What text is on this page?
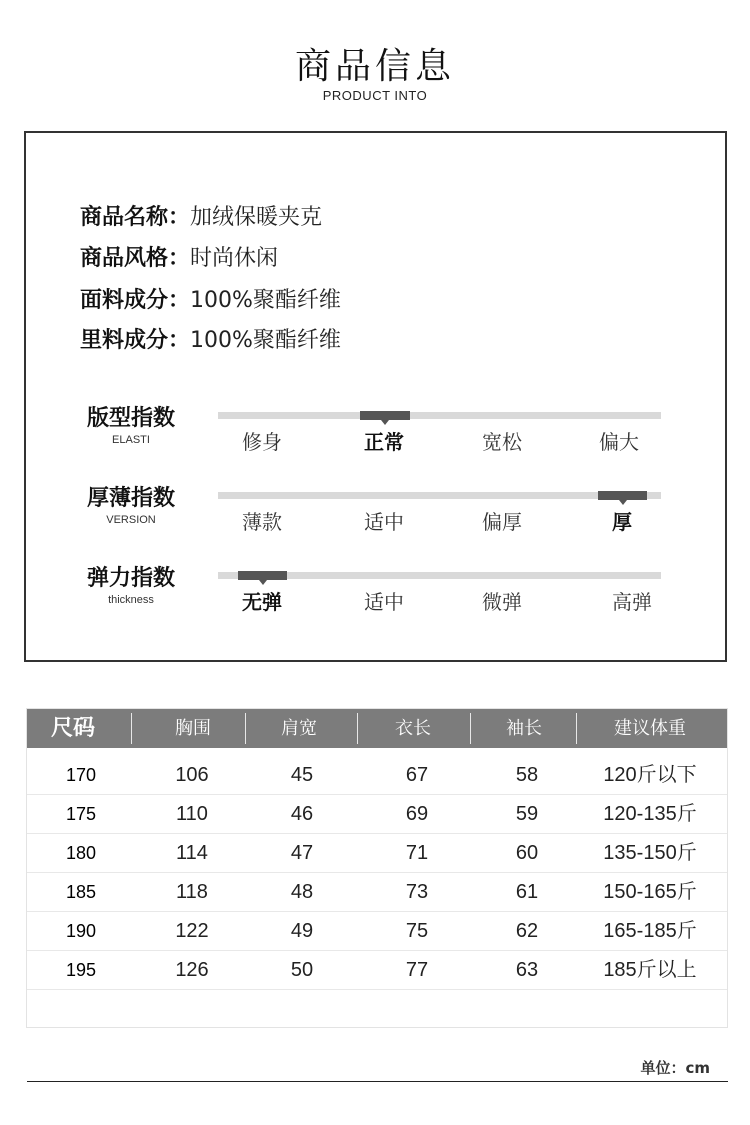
商品信息
PRODUCT INTO
商品名称：加绒保暖夹克
商品风格：时尚休闲
面料成分：100%聚酯纤维
里料成分：100%聚酯纤维
版型指数
ELASTI	修身	正常	宽松	偏大
厚薄指数
VERSION	薄款	适中	偏厚	厚
弹力指数
thickness	无弹	适中	微弹	高弹
尺码	胸围	肩宽	衣长	袖长	建议体重
170	106	45	67	58	120斤以下
175	110	46	69	59	120-135斤
180	114	47	71	60	135-150斤
185	118	48	73	61	150-165斤
190	122	49	75	62	165-185斤
195	126	50	77	63	185斤以上
单位：cm
